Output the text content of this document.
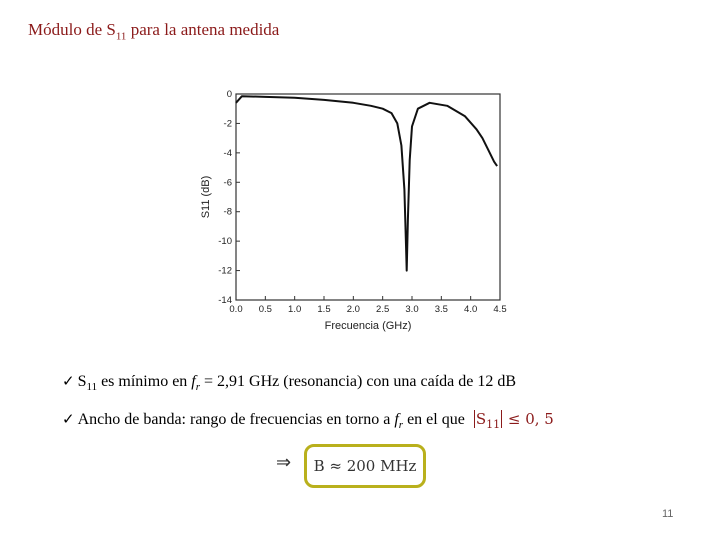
Módulo de $S_{11}$ para la antena medida
0.0 0.5 1.0 1.5 2.0 2.5 3.0 3.5 4.0 4.5
0
-2
-4
-6
-8
-10
-12
-14
Frecuencia (GHz)
S11 (dB)
✓ $S_{11}$ es mínimo en $f_r = 2,91$ GHz (resonancia) con una caída de 12 dB
✓ Ancho de banda: rango de frecuencias en torno a $f_r$ en el que $S_{11} \le 0$, 5
⇒ B ≈ 200 MHz
11
